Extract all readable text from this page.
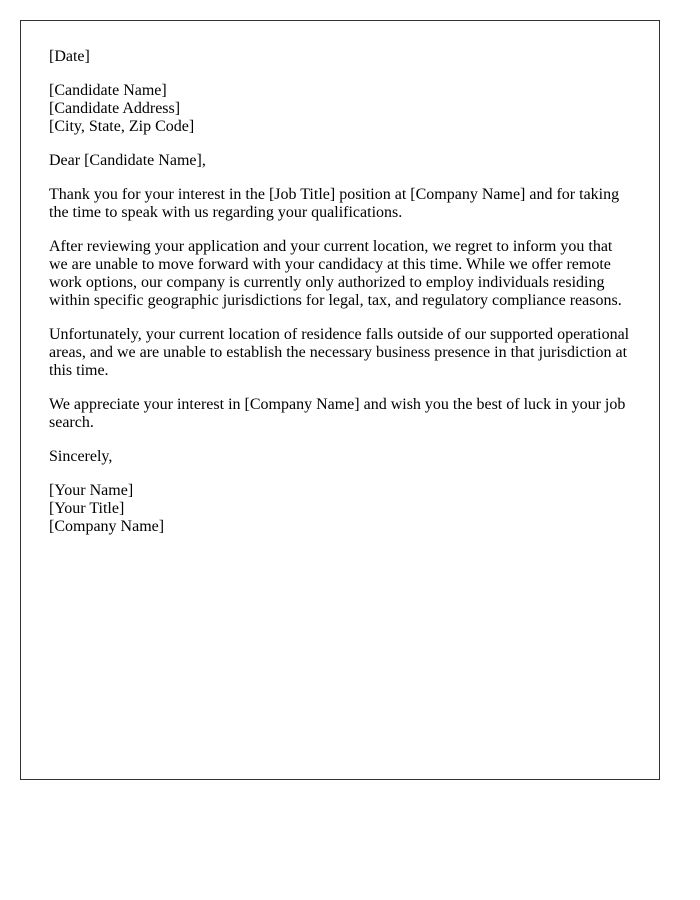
[Date]

[Candidate Name]
[Candidate Address]
[City, State, Zip Code]

Dear [Candidate Name],

Thank you for your interest in the [Job Title] position at [Company Name] and for taking the time to speak with us regarding your qualifications.

After reviewing your application and your current location, we regret to inform you that we are unable to move forward with your candidacy at this time. While we offer remote work options, our company is currently only authorized to employ individuals residing within specific geographic jurisdictions for legal, tax, and regulatory compliance reasons.

Unfortunately, your current location of residence falls outside of our supported operational areas, and we are unable to establish the necessary business presence in that jurisdiction at this time.

We appreciate your interest in [Company Name] and wish you the best of luck in your job search.

Sincerely,

[Your Name]
[Your Title]
[Company Name]
